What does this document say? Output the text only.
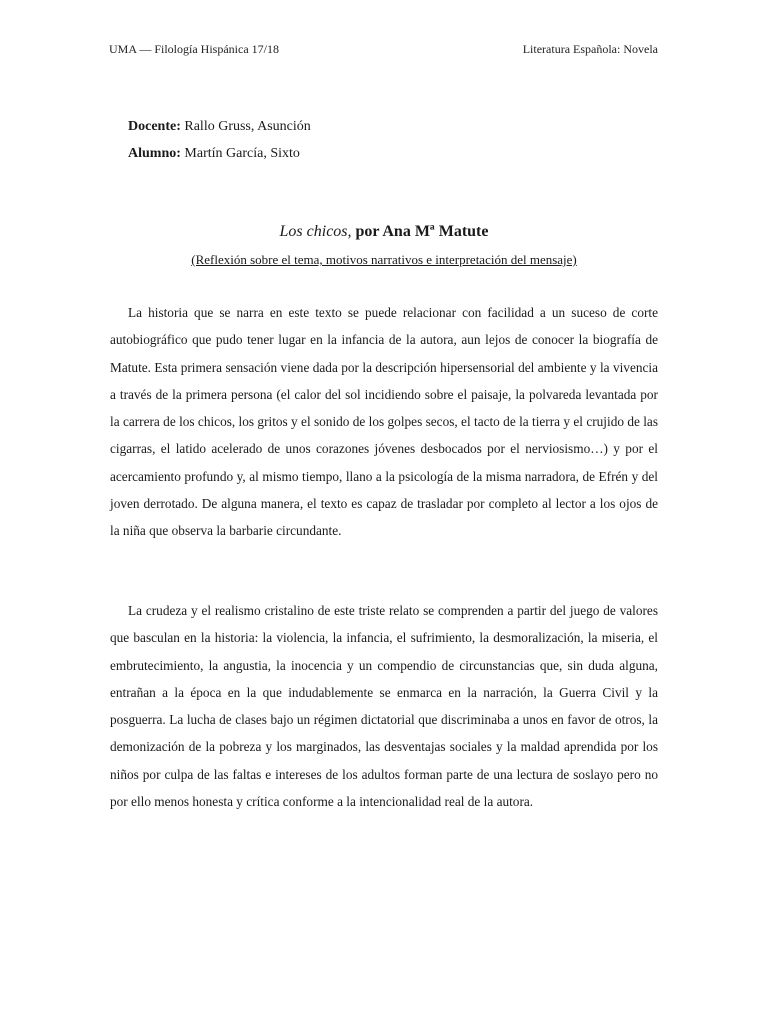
UMA — Filología Hispánica 17/18	Literatura Española: Novela
Docente: Rallo Gruss, Asunción
Alumno: Martín García, Sixto
Los chicos, por Ana Mª Matute
(Reflexión sobre el tema, motivos narrativos e interpretación del mensaje)

La historia que se narra en este texto se puede relacionar con facilidad a un suceso de corte autobiográfico que pudo tener lugar en la infancia de la autora, aun lejos de conocer la biografía de Matute. Esta primera sensación viene dada por la descripción hipersensorial del ambiente y la vivencia a través de la primera persona (el calor del sol incidiendo sobre el paisaje, la polvareda levantada por la carrera de los chicos, los gritos y el sonido de los golpes secos, el tacto de la tierra y el crujido de las cigarras, el latido acelerado de unos corazones jóvenes desbocados por el nerviosismo…) y por el acercamiento profundo y, al mismo tiempo, llano a la psicología de la misma narradora, de Efrén y del joven derrotado. De alguna manera, el texto es capaz de trasladar por completo al lector a los ojos de la niña que observa la barbarie circundante.

La crudeza y el realismo cristalino de este triste relato se comprenden a partir del juego de valores que basculan en la historia: la violencia, la infancia, el sufrimiento, la desmoralización, la miseria, el embrutecimiento, la angustia, la inocencia y un compendio de circunstancias que, sin duda alguna, entrañan a la época en la que indudablemente se enmarca en la narración, la Guerra Civil y la posguerra. La lucha de clases bajo un régimen dictatorial que discriminaba a unos en favor de otros, la demonización de la pobreza y los marginados, las desventajas sociales y la maldad aprendida por los niños por culpa de las faltas e intereses de los adultos forman parte de una lectura de soslayo pero no por ello menos honesta y crítica conforme a la intencionalidad real de la autora.
